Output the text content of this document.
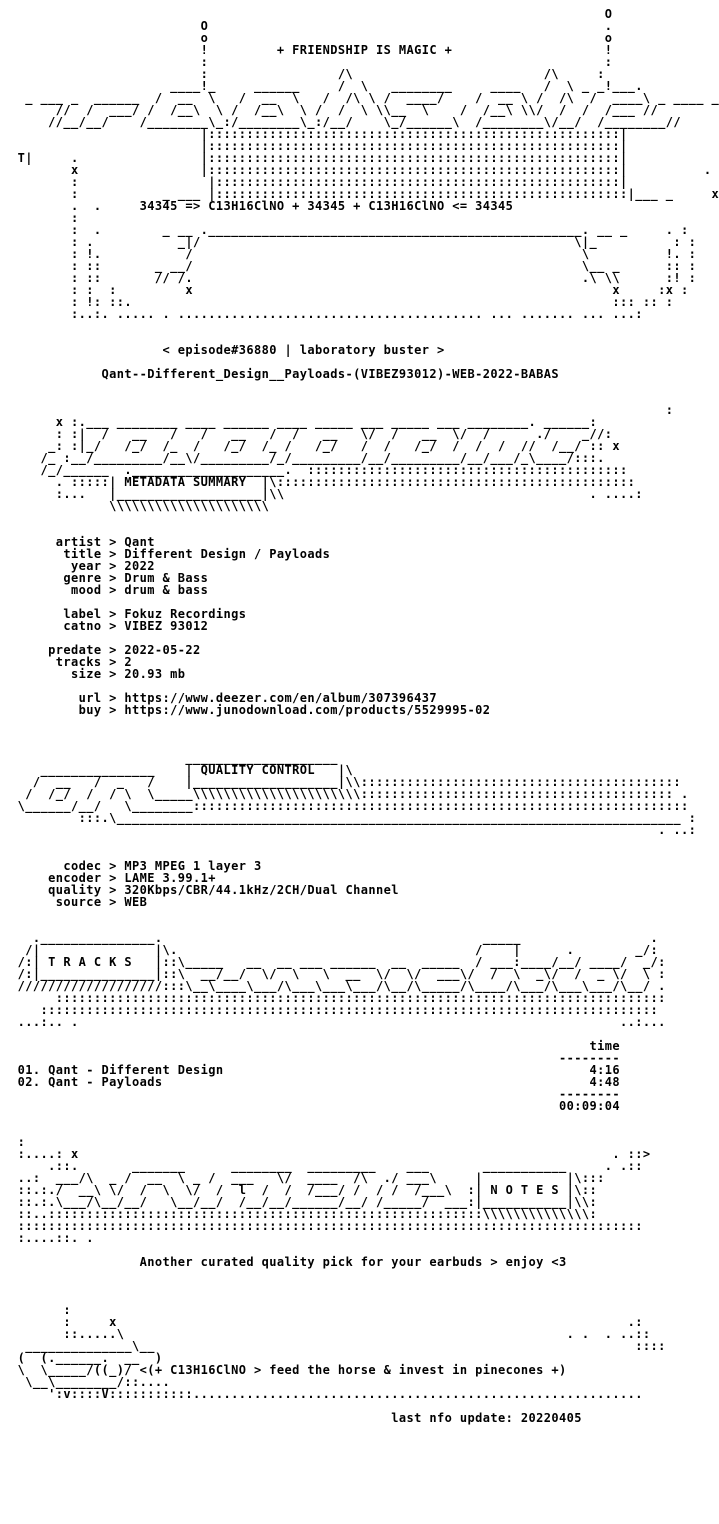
O
O                                                    .
o                                                    o
!         + FRIENDSHIP IS MAGIC +                    !
:                                                    :
:                 /\                         /\     :
____!_     ______     /  \   ________     ____   /  \ _ _!___.
_ ___ _  ______  /  __  \   /  __  \   /  /\ \ /  ____/    /  __ \ /  /\  /  ____\ _ ____ _
//  /  ___/ /  /__\  \ /  /__\  \ /  /  \ \\__  \    /  /__\ \\/  /  /  /___ //
//__/__/    /________\_:/________\_:/__/    \_/______\  /________\/__/  /________//
|::::::::::::::::::::::::::::::::::::::::::::::::::::::|
|::::::::::::::::::::::::::::::::::::::::::::::::::::::|
T|     .                |::::::::::::::::::::::::::::::::::::::::::::::::::::::|
x                |::::::::::::::::::::::::::::::::::::::::::::::::::::::|          .
:                 |:::::::::::::::::::::::::::::::::::::::::::::::::::::|
:           _ ___ |::::::::::::::::::::::::::::::::::::::::::::::::::::::|___ _     x
.  .     34345 => C13H16ClNO + 34345 + C13H16ClNO <= 34345
:
:  .        _ __ ._________________________________________________. __ _     . :
: .           _|/                                                 \|_          : :
: !.           /                                                   \          !. :
: ::       _ __/                                                   \__ _      :: :
: ::       // /.                                                   .\ \\      :! :
: :  :         x                                                       x     :x :
: !: ::.                                                               ::: :: :
:..:. ..... . ........................................ ... ....... ... ...:
< episode#36880 | laboratory buster >
Qant--Different_Design__Payloads-(VIBEZ93012)-WEB-2022-BABAS
:
x :.___ ________ ____ ______ ____ _____ ___ _____ ___ ________. ______:
: :|  /   __   /   /   __   /  /   __   \/  /   __  \/  /      ./    _//:
_: :|_/   /_/  /_  /   /_/  /_ /   /_/   /  /   /_/  /  /  /  //  /__/ :: x
/_ :__/_________/__\/_________/_/_________/__/_________/__/___/_\____/:::.
/_/______  .____________________.  ::::::::::::::::::::::::::::::::::::::::::
. :::::| METADATA SUMMARY  |\:::::::::::::::::::::::::::::::::::::::::::::::
:...   |___________________|\\                                        . ....:
\\\\\\\\\\\\\\\\\\\\\
artist > Qant
title > Different Design / Payloads
year > 2022
genre > Drum & Bass
mood > drum & bass
label > Fokuz Recordings
catno > VIBEZ 93012
predate > 2022-05-22
tracks > 2
size > 20.93 mb
url > https://www.deezer.com/en/album/307396437
buy > https://www.junodownload.com/products/5529995-02
____________________
_______________    | QUALITY CONTROL   |\
/  __   /  _   /    |___________________|\\::::::::::::::::::::::::::::::::::::::::::
/  /_/  /  / \  \_____\\\\\\\\\\\\\\\\\\\\\\::::::::::::::::::::::::::::::::::::::::: .
\______/__/   \________:::::::::::::::::::::::::::::::::::::::::::::::::::::::::::::::::
:::.\__________________________________________________________________________ :
. ..:
codec > MP3 MPEG 1 layer 3
encoder > LAME 3.99.1+
quality > 320Kbps/CBR/44.1kHz/2CH/Dual Channel
source > WEB
._______________.                                          _____                 .
/|               |\.                                       /    |      .        _/:
/:| T R A C K S   |::\_____   __  __ ___ ______  __  _____  / ___:____/__/ ____/  _/:
/:|_______________|::\  __/__/  \/  \   \  __  \/  \/  ___\/  /  \  _\/  /  _ \/  \ :
///////////////////:::\__\____\___/\___\___\___/\__/\_____/\____/\___/\___\___/\__/ .
::::::::::::::::::::::::::::::::::::::::::::::::::::::::::::::::::::::::::::::::
:::::::::::::::::::::::::::::::::::::::::::::::::::::::::::::::::::::::::::::::::
...:.. .                                                                       ..:...
time
--------
01. Qant - Different Design	4:16
02. Qant - Payloads	4:48
--------
00:09:04
:
:....: x                                                                      . ::>
.::.       _______      ________  _________    ___       ___________     . .::
..:  ___/\  _ /  __  \ _ /  ___   \/  ____  /\  ./ ___\     |           |\:::
::.:./  __\ \/  /  \  \/  /  l  /  /  /___/ /  / /  /___\  :| N O T E S |\::
::.:.\___/\__/__/   \__/__/  /__/__/______/__/ /_____/  ___:|___________|\\:
::..:::::::::::::::::::::::::::::::::::::::::::::::::::::::::\\\\\\\\\\\\\\:
::::::::::::::::::::::::::::::::::::::::::::::::::::::::::::::::::::::::::::::::::
:....::. .
Another curated quality pick for your earbuds > enjoy <3
:
:     x                                                                   .:
::.....\                                                          . .  . ..::
______________\__                                                               ::::
(  (.______.  __  )
\  \_____/((_)/ <(+ C13H16ClNO > feed the horse & invest in pinecones +)
\__\________/::....
':v::::V:::::::::::...........................................................
last nfo update: 20220405
